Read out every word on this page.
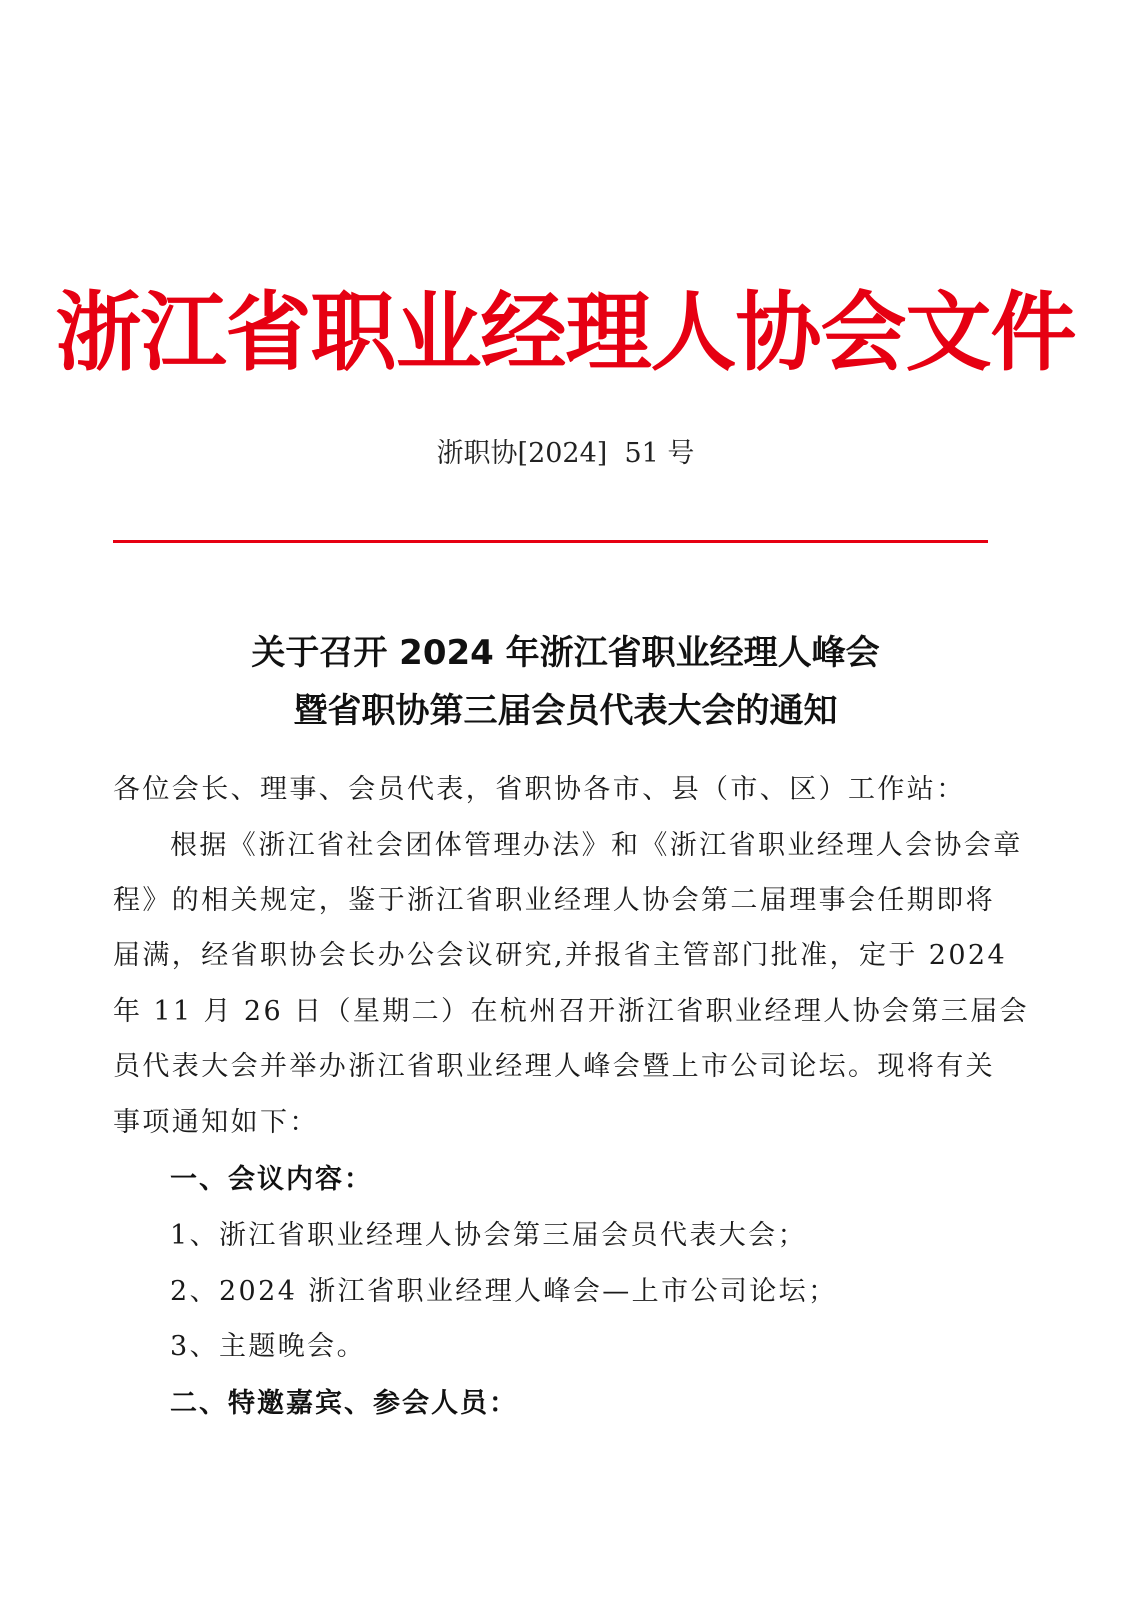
浙江省职业经理人协会文件
浙职协[2024]  51 号
关于召开 2024 年浙江省职业经理人峰会
暨省职协第三届会员代表大会的通知
各位会长、理事、会员代表，省职协各市、县（市、区）工作站：
根据《浙江省社会团体管理办法》和《浙江省职业经理人会协会章
程》的相关规定，鉴于浙江省职业经理人协会第二届理事会任期即将
届满，经省职协会长办公会议研究,并报省主管部门批准，定于 2024
年 11 月 26 日（星期二）在杭州召开浙江省职业经理人协会第三届会
员代表大会并举办浙江省职业经理人峰会暨上市公司论坛。现将有关
事项通知如下：
一、会议内容：
1、浙江省职业经理人协会第三届会员代表大会；
2、2024 浙江省职业经理人峰会—上市公司论坛；
3、主题晚会。
二、特邀嘉宾、参会人员：
